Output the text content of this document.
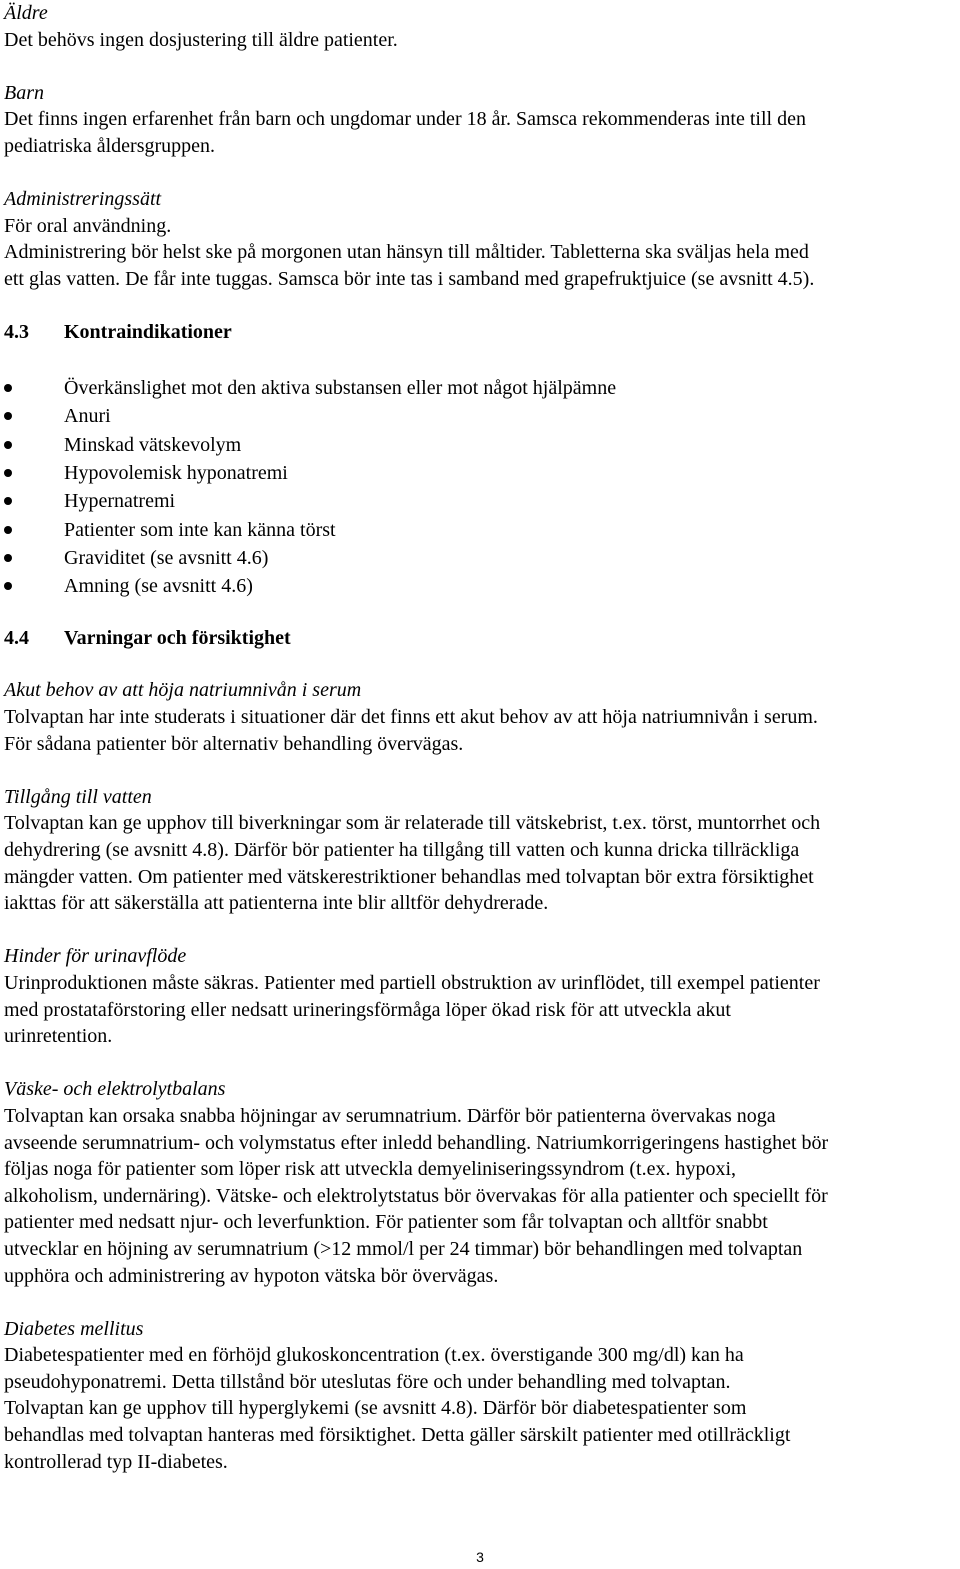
Äldre
Det behövs ingen dosjustering till äldre patienter.
Barn
Det finns ingen erfarenhet från barn och ungdomar under 18 år. Samsca rekommenderas inte till den
pediatriska åldersgruppen.
Administreringssätt
För oral användning.
Administrering bör helst ske på morgonen utan hänsyn till måltider. Tabletterna ska sväljas hela med
ett glas vatten. De får inte tuggas. Samsca bör inte tas i samband med grapefruktjuice (se avsnitt 4.5).
4.3	Kontraindikationer
Överkänslighet mot den aktiva substansen eller mot något hjälpämne
Anuri
Minskad vätskevolym
Hypovolemisk hyponatremi
Hypernatremi
Patienter som inte kan känna törst
Graviditet (se avsnitt 4.6)
Amning (se avsnitt 4.6)
4.4	Varningar och försiktighet
Akut behov av att höja natriumnivån i serum
Tolvaptan har inte studerats i situationer där det finns ett akut behov av att höja natriumnivån i serum.
För sådana patienter bör alternativ behandling övervägas.
Tillgång till vatten
Tolvaptan kan ge upphov till biverkningar som är relaterade till vätskebrist, t.ex. törst, muntorrhet och
dehydrering (se avsnitt 4.8). Därför bör patienter ha tillgång till vatten och kunna dricka tillräckliga
mängder vatten. Om patienter med vätskerestriktioner behandlas med tolvaptan bör extra försiktighet
iakttas för att säkerställa att patienterna inte blir alltför dehydrerade.
Hinder för urinavflöde
Urinproduktionen måste säkras. Patienter med partiell obstruktion av urinflödet, till exempel patienter
med prostataförstoring eller nedsatt urineringsförmåga löper ökad risk för att utveckla akut
urinretention.
Väske- och elektrolytbalans
Tolvaptan kan orsaka snabba höjningar av serumnatrium. Därför bör patienterna övervakas noga
avseende serumnatrium- och volymstatus efter inledd behandling. Natriumkorrigeringens hastighet bör
följas noga för patienter som löper risk att utveckla demyeliniseringssyndrom (t.ex. hypoxi,
alkoholism, undernäring). Vätske- och elektrolytstatus bör övervakas för alla patienter och speciellt för
patienter med nedsatt njur- och leverfunktion. För patienter som får tolvaptan och alltför snabbt
utvecklar en höjning av serumnatrium (>12 mmol/l per 24 timmar) bör behandlingen med tolvaptan
upphöra och administrering av hypoton vätska bör övervägas.
Diabetes mellitus
Diabetespatienter med en förhöjd glukoskoncentration (t.ex. överstigande 300 mg/dl) kan ha
pseudohyponatremi. Detta tillstånd bör uteslutas före och under behandling med tolvaptan.
Tolvaptan kan ge upphov till hyperglykemi (se avsnitt 4.8). Därför bör diabetespatienter som
behandlas med tolvaptan hanteras med försiktighet. Detta gäller särskilt patienter med otillräckligt
kontrollerad typ II-diabetes.
3
